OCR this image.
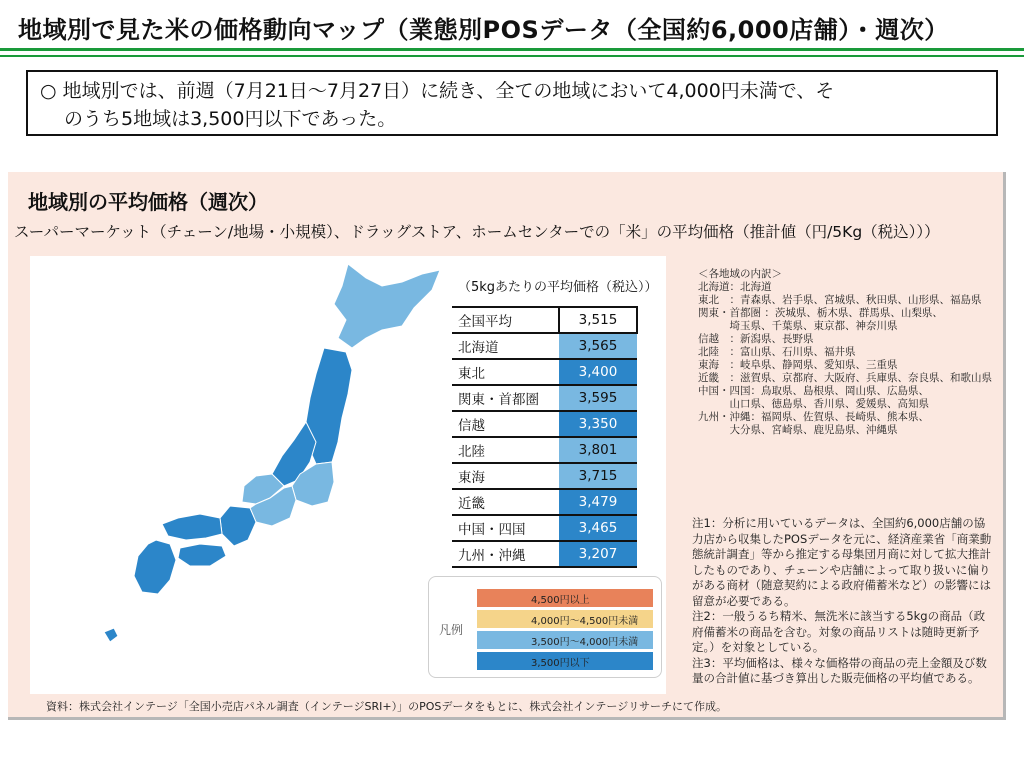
地域別で見た米の価格動向マップ（業態別POSデータ（全国約6,000店舗）・週次）
○ 地域別では、前週（7月21日～7月27日）に続き、全ての地域において4,000円未満で、そ
のうち5地域は3,500円以下であった。
地域別の平均価格（週次）
スーパーマーケット（チェーン/地場・小規模）、ドラッグストア、ホームセンターでの「米」の平均価格（推計値（円/5Kg（税込）））
（5kgあたりの平均価格（税込））
全国平均	3,515
北海道	3,565
東北	3,400
関東・首都圏	3,595
信越	3,350
北陸	3,801
東海	3,715
近畿	3,479
中国・四国	3,465
九州・沖縄	3,207
凡例
4,500円以上
4,000円～4,500円未満
3,500円～4,000円未満
3,500円以下
＜各地域の内訳＞
北海道：北海道
東北　：青森県、岩手県、宮城県、秋田県、山形県、福島県
関東・首都圏 ：茨城県、栃木県、群馬県、山梨県、
　　　埼玉県、千葉県、東京都、神奈川県
信越　：新潟県、長野県
北陸　：富山県、石川県、福井県
東海　：岐阜県、静岡県、愛知県、三重県
近畿　：滋賀県、京都府、大阪府、兵庫県、奈良県、和歌山県
中国・四国：鳥取県、島根県、岡山県、広島県、
　　　山口県、徳島県、香川県、愛媛県、高知県
九州・沖縄：福岡県、佐賀県、長崎県、熊本県、
　　　大分県、宮崎県、鹿児島県、沖縄県

注1：分析に用いているデータは、全国約6,000店舗の協力店から収集したPOSデータを元に、経済産業省「商業動態統計調査」等から推定する母集団月商に対して拡大推計したものであり、チェーンや店舗によって取り扱いに偏りがある商材（随意契約による政府備蓄米など）の影響には留意が必要である。

注2：一般うるち精米、無洗米に該当する5kgの商品（政府備蓄米の商品を含む。対象の商品リストは随時更新予定。）を対象としている。

注3：平均価格は、様々な価格帯の商品の売上金額及び数量の合計値に基づき算出した販売価格の平均値である。

資料：株式会社インテージ「全国小売店パネル調査（インテージSRI+）」のPOSデータをもとに、株式会社インテージリサーチにて作成。
